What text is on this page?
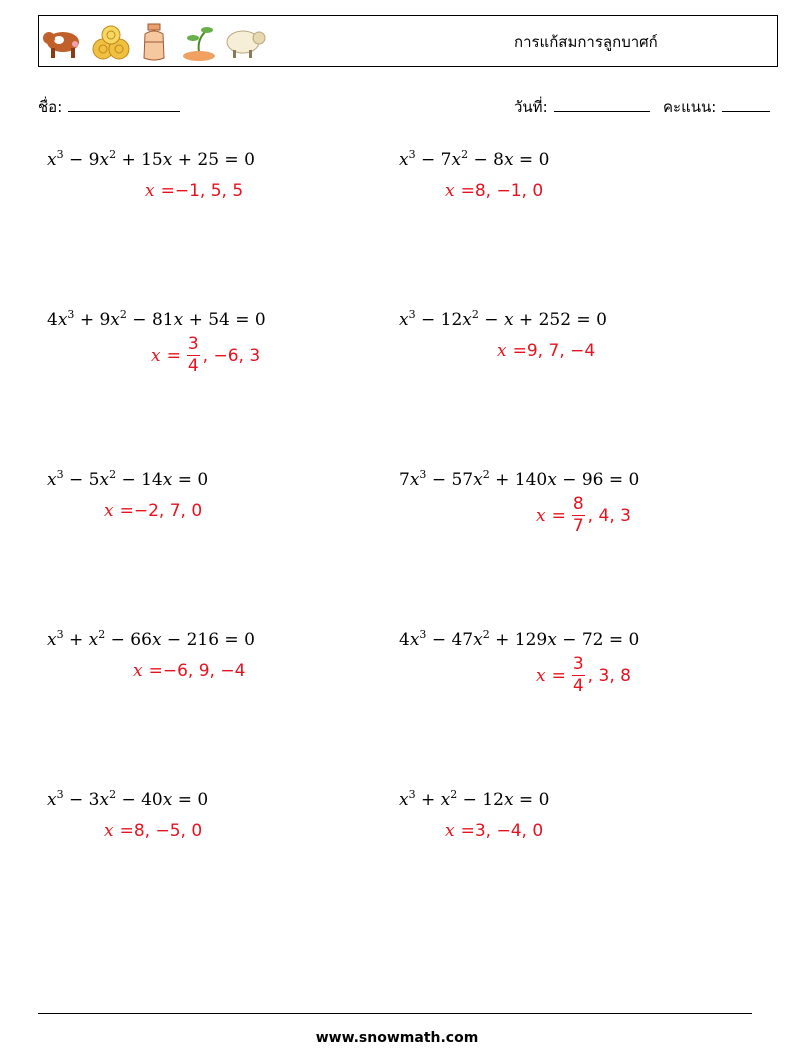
การแก้สมการลูกบาศก์
ชื่อ:	วันที่:	คะแนน:
$x^3 - 9x^2 + 15x + 25 = 0$
x = −1 , 5 , 5
$x^3 - 7x^2 - 8x = 0$
x = 8 , −1 , 0
$4x^3 + 9x^2 - 81x + 54 = 0$
$x = \frac{3}{4}$ , −6 , 3
$x^3 - 12x^2 - x + 252 = 0$
x = 9 , 7 , −4
$x^3 - 5x^2 - 14x = 0$
x = −2 , 7 , 0
$7x^3 - 57x^2 + 140x - 96 = 0$
$x = \frac{8}{7}$ , 4 , 3
$x^3 + x^2 - 66x - 216 = 0$
x = −6 , 9 , −4
$4x^3 - 47x^2 + 129x - 72 = 0$
$x = \frac{3}{4}$ , 3 , 8
$x^3 - 3x^2 - 40x = 0$
x = 8 , −5 , 0
$x^3 + x^2 - 12x = 0$
x = 3 , −4 , 0
www.snowmath.com
